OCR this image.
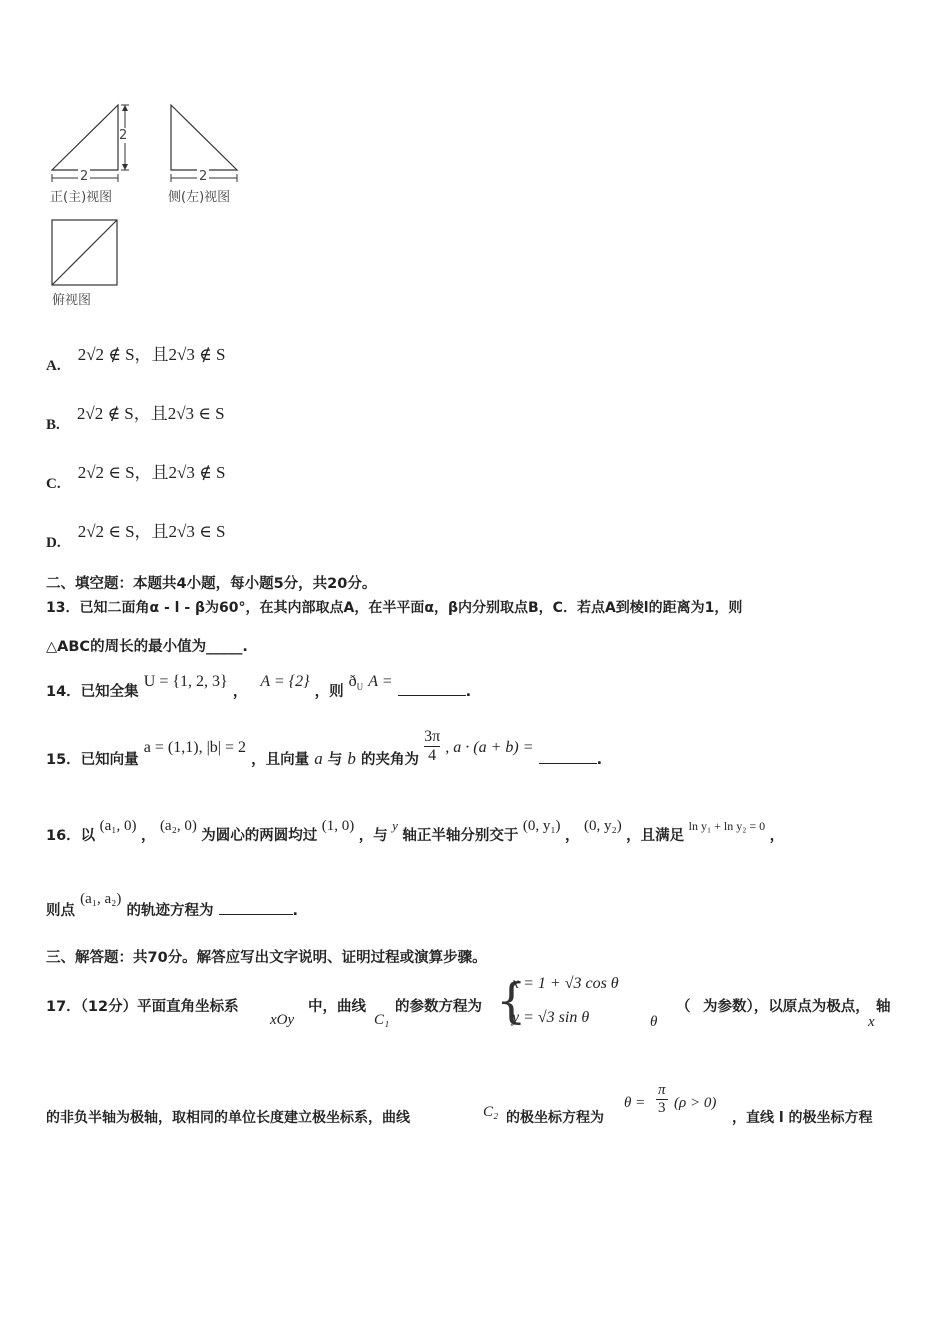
2
2
2
正(主)视图	侧(左)视图
俯视图
A. 2√2 ∉ S，且2√3 ∉ S
B. 2√2 ∉ S，且2√3 ∈ S
C. 2√2 ∈ S，且2√3 ∉ S
D. 2√2 ∈ S，且2√3 ∈ S
二、填空题：本题共4小题，每小题5分，共20分。
13．已知二面角α - l - β为60°，在其内部取点A，在半平面α，β内分别取点B，C．若点A到棱l的距离为1，则
△ABC的周长的最小值为_____.
14．已知全集 U = {1, 2, 3} ， A = {2} ，则 $ð_U$ A = .
15．已知向量 a = (1,1), |b| = 2 ，且向量 a 与 b 的夹角为 $\frac{3\pi}{4}$ , a · (a + b) = .
16．以 (a₁, 0) ， (a₂, 0) 为圆心的两圆均过 (1, 0) ，与 y 轴正半轴分别交于 (0, y₁) ， (0, y₂) ，且满足 ln y₁ + ln y₂ = 0 ，
则点 (a₁, a₂) 的轨迹方程为	.
三、解答题：共70分。解答应写出文字说明、证明过程或演算步骤。
17．（12分）平面直角坐标系
xOy
中，曲线
C₁
的参数方程为 {
x = 1 + √3 cos θ
y = √3 sin θ
（
θ
为参数），以原点为极点，
x
轴
的非负半轴为极轴，取相同的单位长度建立极坐标系，曲线	C₂ 的极坐标方程为
$\theta = \frac{\pi}{3} (\rho > 0)$
，直线 l 的极坐标方程
